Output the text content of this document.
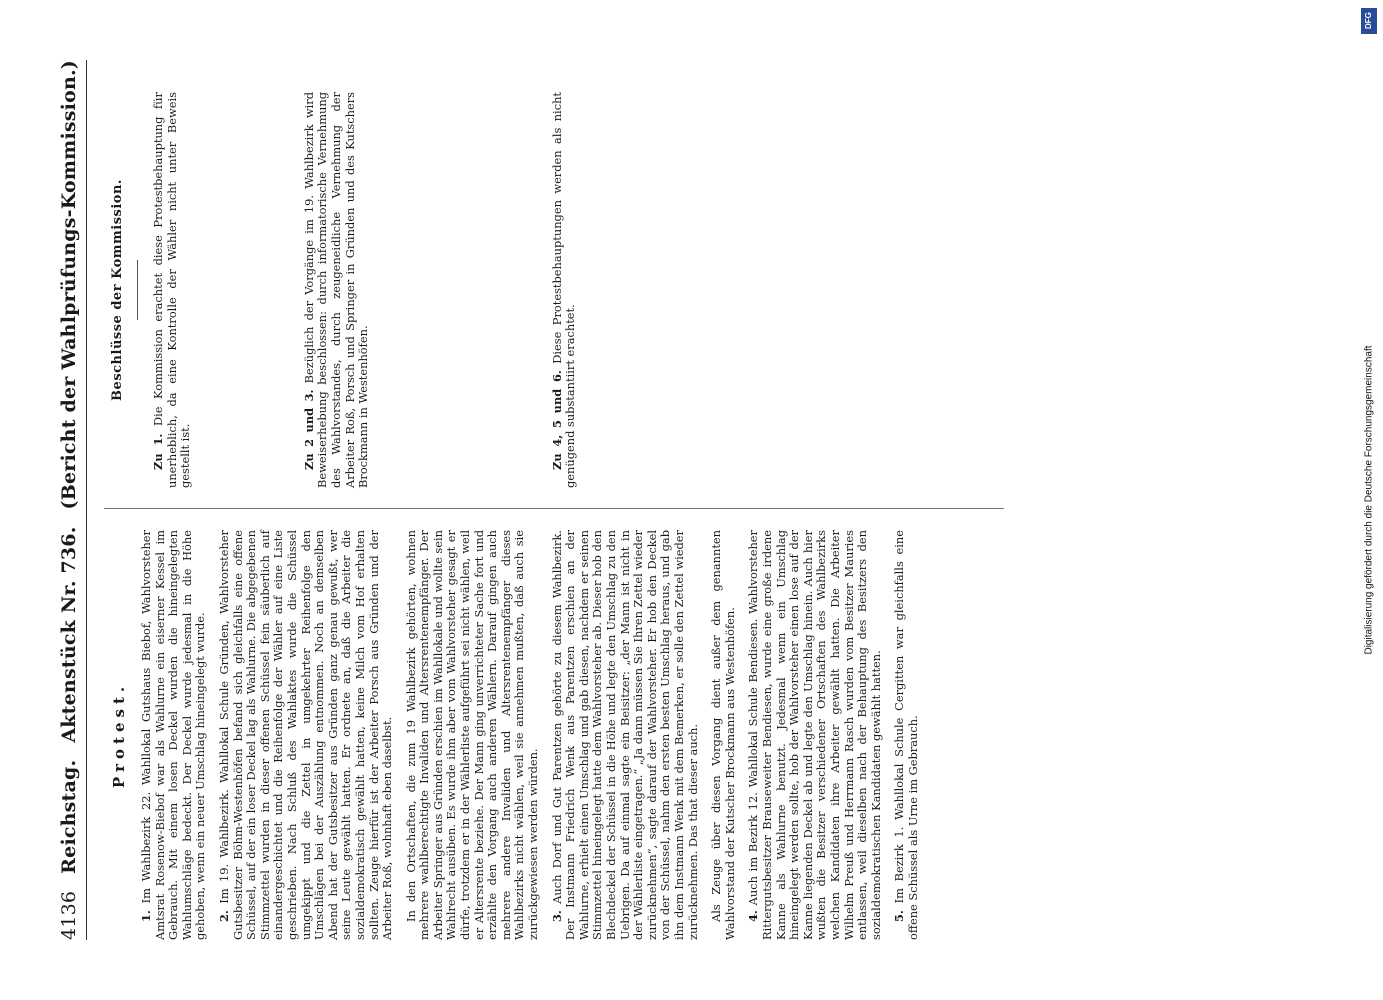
4136
Reichstag.
Aktenstück Nr. 736.
(Bericht der Wahlprüfungs-Kommission.)
Protest.

1. Im Wahlbezirk 22. Wahllokal Gutshaus Biebof, Wahlvorsteher Amtsrat Rosenow-Biebof war als Wahlurne ein eiserner Kessel im Gebrauch. Mit einem losen Deckel wurden die hineingelegten Wahlumschläge bedeckt. Der Deckel wurde jedesmal in die Höhe gehoben, wenn ein neuer Umschlag hineingelegt wurde. 2. Im 19. Wahlbezirk. Wahllokal Schule Gründen, Wahlvorsteher Gutsbesitzer Böhm-Westenhöfen befand sich gleichfalls eine offene Schüssel, auf der ein loser Deckel lag als Wahlurne. Die abgegebenen Stimmzettel wurden in dieser offenen Schüssel fein säuberlich auf einandergeschichtet und die Reihenfolge der Wähler auf eine Liste geschrieben. Nach Schluß des Wahlaktes wurde die Schüssel umgekippt und die Zettel in umgekehrter Reihenfolge den Umschlägen bei der Auszählung entnommen. Noch an demselben Abend hat der Gutsbesitzer aus Gründen ganz genau gewußt, wer seine Leute gewählt hatten. Er ordnete an, daß die Arbeiter die sozialdemokratisch gewählt hatten, keine Milch vom Hof erhalten sollten. Zeuge hierfür ist der Arbeiter Porsch aus Gründen und der Arbeiter Roß, wohnhaft eben daselbst. In den Ortschaften, die zum 19 Wahlbezirk gehörten, wohnen mehrere wahlberechtigte Invaliden und Altersrentenempfänger. Der Arbeiter Springer aus Gründen erschien im Wahllokale und wollte sein Wahlrecht ausüben. Es wurde ihm aber vom Wahlvorsteher gesagt er dürfe, trotzdem er in der Wählerliste aufgeführt sei nicht wählen, weil er Altersrente beziehe. Der Mann ging unverrichteter Sache fort und erzählte den Vorgang auch anderen Wählern. Darauf gingen auch mehrere andere Invaliden und Altersrentenempfänger dieses Wahlbezirks nicht wählen, weil sie annehmen mußten, daß auch sie zurückgewiesen werden würden. 3. Auch Dorf und Gut Parentzen gehörte zu diesem Wahlbezirk. Der Instmann Friedrich Wenk aus Parentzen erschien an der Wahlurne, erhielt einen Umschlag und gab diesen, nachdem er seinen Stimmzettel hineingelegt hatte dem Wahlvorsteher ab. Dieser hob den Blechdeckel der Schüssel in die Höhe und legte den Umschlag zu den Uebrigen. Da auf einmal sagte ein Beisitzer: „der Mann ist nicht in der Wählerliste eingetragen.“ „Ja dann müssen Sie Ihren Zettel wieder zurücknehmen“, sagte darauf der Wahlvorsteher. Er hob den Deckel von der Schüssel, nahm den ersten besten Umschlag heraus, und gab ihn dem Instmann Wenk mit dem Bemerken, er solle den Zettel wieder zurücknehmen. Das that dieser auch. Als Zeuge über diesen Vorgang dient außer dem genannten Wahlvorstand der Kutscher Brockmann aus Westenhöfen. 4. Auch im Bezirk 12. Wahllokal Schule Bendiesen. Wahlvorsteher Rittergutsbesitzer Brauseweiter Bendiesen, wurde eine große irdene Kanne als Wahlurne benutzt. Jedesmal wenn ein Umschlag hineingelegt werden sollte, hob der Wahlvorsteher einen lose auf der Kanne liegenden Deckel ab und legte den Umschlag hinein. Auch hier wußten die Besitzer verschiedener Ortschaften des Wahlbezirks welchen Kandidaten ihre Arbeiter gewählt hatten. Die Arbeiter Wilhelm Preuß und Herrmann Rasch wurden vom Besitzer Mauries entlassen, weil dieselben nach der Behauptung des Besitzers den sozialdemokratischen Kandidaten gewählt hatten. 5. Im Bezirk 1. Wahllokal Schule Cergitten war gleichfalls eine offene Schüssel als Urne im Gebrauch.

Beschlüsse der Kommission.

Zu 1. Die Kommission erachtet diese Protestbehauptung für unerheblich, da eine Kontrolle der Wähler nicht unter Beweis gestellt ist.	Zu 2 und 3. Bezüglich der Vorgänge im 19. Wahlbezirk wird Beweiserhebung beschlossen: durch informatorische Vernehmung des Wahlvorstandes, durch zeugeneidliche Vernehmung der Arbeiter Roß, Porsch und Springer in Gründen und des Kutschers Brockmann in Westenhöfen.	Zu 4, 5 und 6. Diese Protestbehauptungen werden als nicht genügend substantiirt erachtet.

DFG
Digitalisierung gefördert durch die Deutsche Forschungsgemeinschaft
